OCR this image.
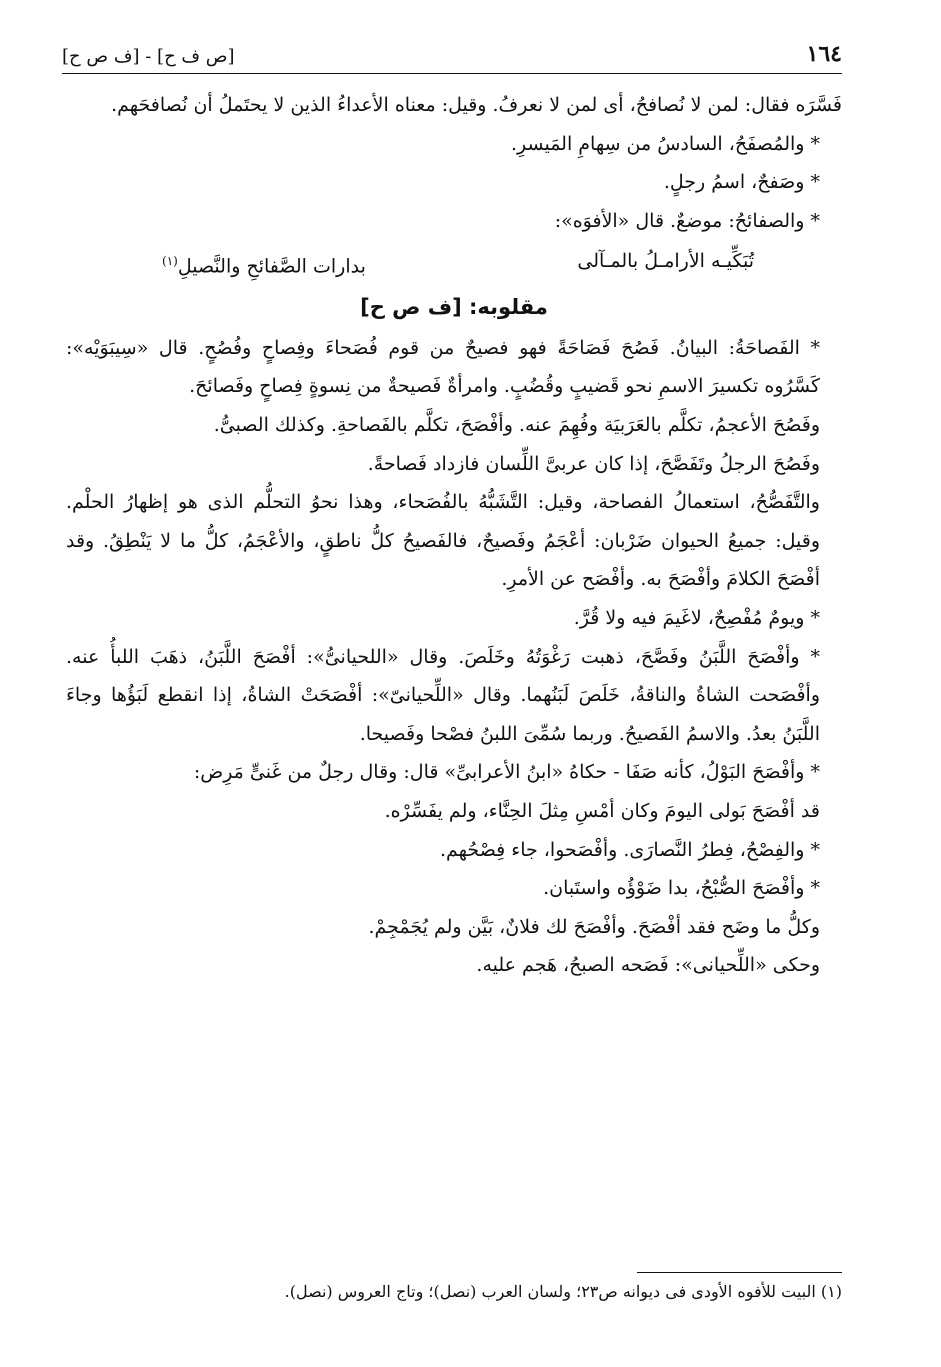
١٦٤
[ص ف ح] - [ف ص ح]

فَسَّرَه فقال: لمن لا نُصافحُ، أى لمن لا نعرفُ. وقيل: معناه الأعداءُ الذين لا يحتَملُ أن نُصافحَهم.

* والمُصفَحُ، السادسُ من سِهامِ المَيسرِ.

* وصَفحٌ، اسمُ رجلٍ.

* والصفائحُ: موضعٌ. قال «الأفوَه»:

تُبَكِّيـه الأرامـلُ بالمـآلى
بدارات الصَّفائحِ والنَّصيلِ$^{(١)}$
مقلوبه: [ف ص ح]

* الفَصاحَةُ: البيانُ. فَصُحَ فَصَاحَةً فهو فصيحٌ من قوم فُصَحاءَ وفِصاحٍ وفُصُحٍ. قال «سِيبَوَيْه»: كَسَّرُوه تكسيرَ الاسمِ نحو قَضيبٍ وقُضُبٍ. وامرأةٌ فَصيحةٌ من نِسوةٍ فِصاحٍ وفَصائحَ.

وفَصُحَ الأعجمُ، تكلَّم بالعَرَبيَة وفُهِمَ عنه. وأفْصَحَ، تكلَّم بالفَصاحةِ. وكذلك الصبىُّ.

وفَصُحَ الرجلُ وتَفَصَّحَ، إذا كان عربىَّ اللِّسان فازداد فَصاحةً.

والتَّفَصُّحُ، استعمالُ الفصاحة، وقيل: التَّشَبُّهُ بالفُصَحاء، وهذا نحوُ التحلُّم الذى هو إظهارُ الحلْم. وقيل: جميعُ الحيوان ضَرْبان: أعْجَمُ وفَصيحٌ، فالفَصيحُ كلُّ ناطقٍ، والأعْجَمُ، كلُّ ما لا يَنْطِقُ. وقد أفْصَحَ الكلامَ وأفْصَحَ به. وأفْصَح عن الأمرِ.

* ويومٌ مُفْصِحٌ، لاغَيمَ فيه ولا قُرَّ.

* وأفْصَحَ اللَّبَنُ وفَصَّحَ، ذهبت رَغْوَتُهُ وخَلَصَ. وقال «اللحيانىُّ»: أفْصَحَ اللَّبَنُ، ذهَبَ اللبأُ عنه. وأفْصَحت الشاةُ والناقةُ، خَلَصَ لَبَنُهما. وقال «اللِّحيانىّ»: أفْصَحَتْ الشاةُ، إذا انقطع لَبَؤُها وجاءَ اللَّبَنُ بعدُ. والاسمُ الفَصيحُ. وربما سُمِّىَ اللبنُ فصْحا وفَصيحا.

* وأفْصَحَ البَوْلُ، كأنه صَفَا - حكاهُ «ابنُ الأعرابىِّ» قال: وقال رجلٌ من غَنىٍّ مَرِض:

قد أفْصَحَ بَولى اليومَ وكان أمْسِ مِثلَ الحِنَّاء، ولم يفَسِّرْه.

* والفِصْحُ، فِطرُ النَّصارَى. وأفْصَحوا، جاء فِصْحُهم.

* وأفْصَحَ الصُّبْحُ، بدا ضَوْؤُه واستَبان.

وكلُّ ما وضَح فقد أفْصَحَ. وأفْصَحَ لك فلانٌ، بَيَّن ولم يُجَمْجِمْ.

وحكى «اللِّحيانى»: فَصَحه الصبحُ، هَجم عليه.

(١) البيت للأفوه الأودى فى ديوانه ص٢٣؛ ولسان العرب (نصل)؛ وتاج العروس (نصل).
